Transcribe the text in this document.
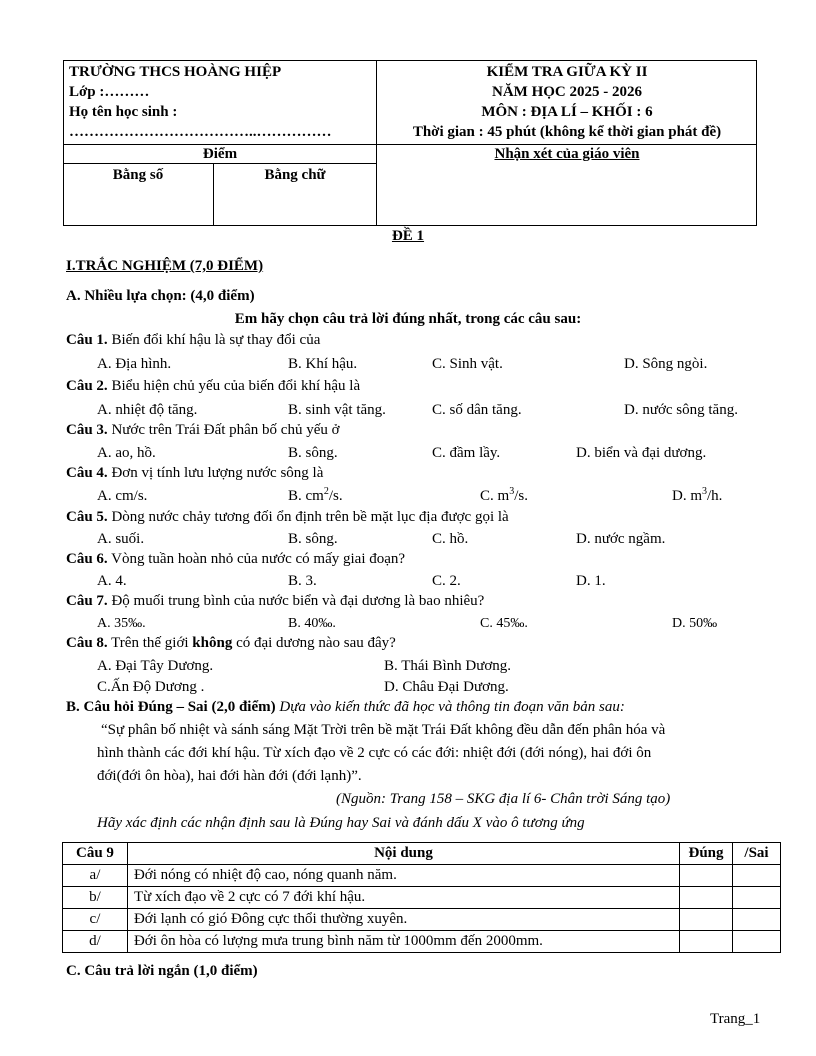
TRƯỜNG THCS HOÀNG HIỆP
Lớp :………
Họ tên học sinh :
………………………………..……………
KIỂM TRA GIỮA KỲ II
NĂM HỌC 2025 - 2026
MÔN : ĐỊA LÍ – KHỐI : 6
Thời gian : 45 phút (không kể thời gian phát đề)
Điểm	Nhận xét của giáo viên
Bằng số	Bằng chữ
ĐỀ 1
I.TRẮC NGHIỆM (7,0 ĐIỂM)
A. Nhiều lựa chọn: (4,0 điểm)
Em hãy chọn câu trả lời đúng nhất, trong các câu sau:
Câu 1. Biến đổi khí hậu là sự thay đổi của
A. Địa hình.	B. Khí hậu.	C. Sinh vật.	D. Sông ngòi.
Câu 2. Biểu hiện chủ yếu của biến đổi khí hậu là
A. nhiệt độ tăng.	B. sinh vật tăng.	C. số dân tăng.	D. nước sông tăng.
Câu 3. Nước trên Trái Đất phân bố chủ yếu ở
A. ao, hồ.	B. sông.	C. đầm lầy.	D. biển và đại dương.
Câu 4. Đơn vị tính lưu lượng nước sông là
A. cm/s.	B. $cm^2/s$.	C. $m^3/s$.	D. $m^3/h$.
Câu 5. Dòng nước chảy tương đối ổn định trên bề mặt lục địa được gọi là
A. suối.	B. sông.	C. hồ.	D. nước ngầm.
Câu 6. Vòng tuần hoàn nhỏ của nước có mấy giai đoạn?
A. 4.	B. 3.	C. 2.	D. 1.
Câu 7. Độ muối trung bình của nước biển và đại dương là bao nhiêu?
A. 35‰.	B. 40‰.	C. 45‰.	D. 50‰
Câu 8. Trên thế giới không có đại dương nào sau đây?
A. Đại Tây Dương.	B. Thái Bình Dương.
C.Ấn Độ Dương .	D. Châu Đại Dương.
B. Câu hỏi Đúng – Sai (2,0 điểm) Dựa vào kiến thức đã học và thông tin đoạn văn bản sau:
“Sự phân bố nhiệt và sánh sáng Mặt Trời trên bề mặt Trái Đất không đều dẫn đến phân hóa và
hình thành các đới khí hậu. Từ xích đạo về 2 cực có các đới: nhiệt đới (đới nóng), hai đới ôn
đới(đới ôn hòa), hai đới hàn đới (đới lạnh)”.
(Nguồn: Trang 158 – SKG địa lí 6- Chân trời Sáng tạo)
Hãy xác định các nhận định sau là Đúng hay Sai và đánh dấu X vào ô tương ứng
Câu 9	Nội dung	Đúng	/Sai
a/	Đới nóng có nhiệt độ cao, nóng quanh năm.		
b/	Từ xích đạo về 2 cực có 7 đới khí hậu.		
c/	Đới lạnh có gió Đông cực thổi thường xuyên.		
d/	Đới ôn hòa có lượng mưa trung bình năm từ 1000mm đến 2000mm.		
C. Câu trả lời ngắn (1,0 điểm)
Trang_1
